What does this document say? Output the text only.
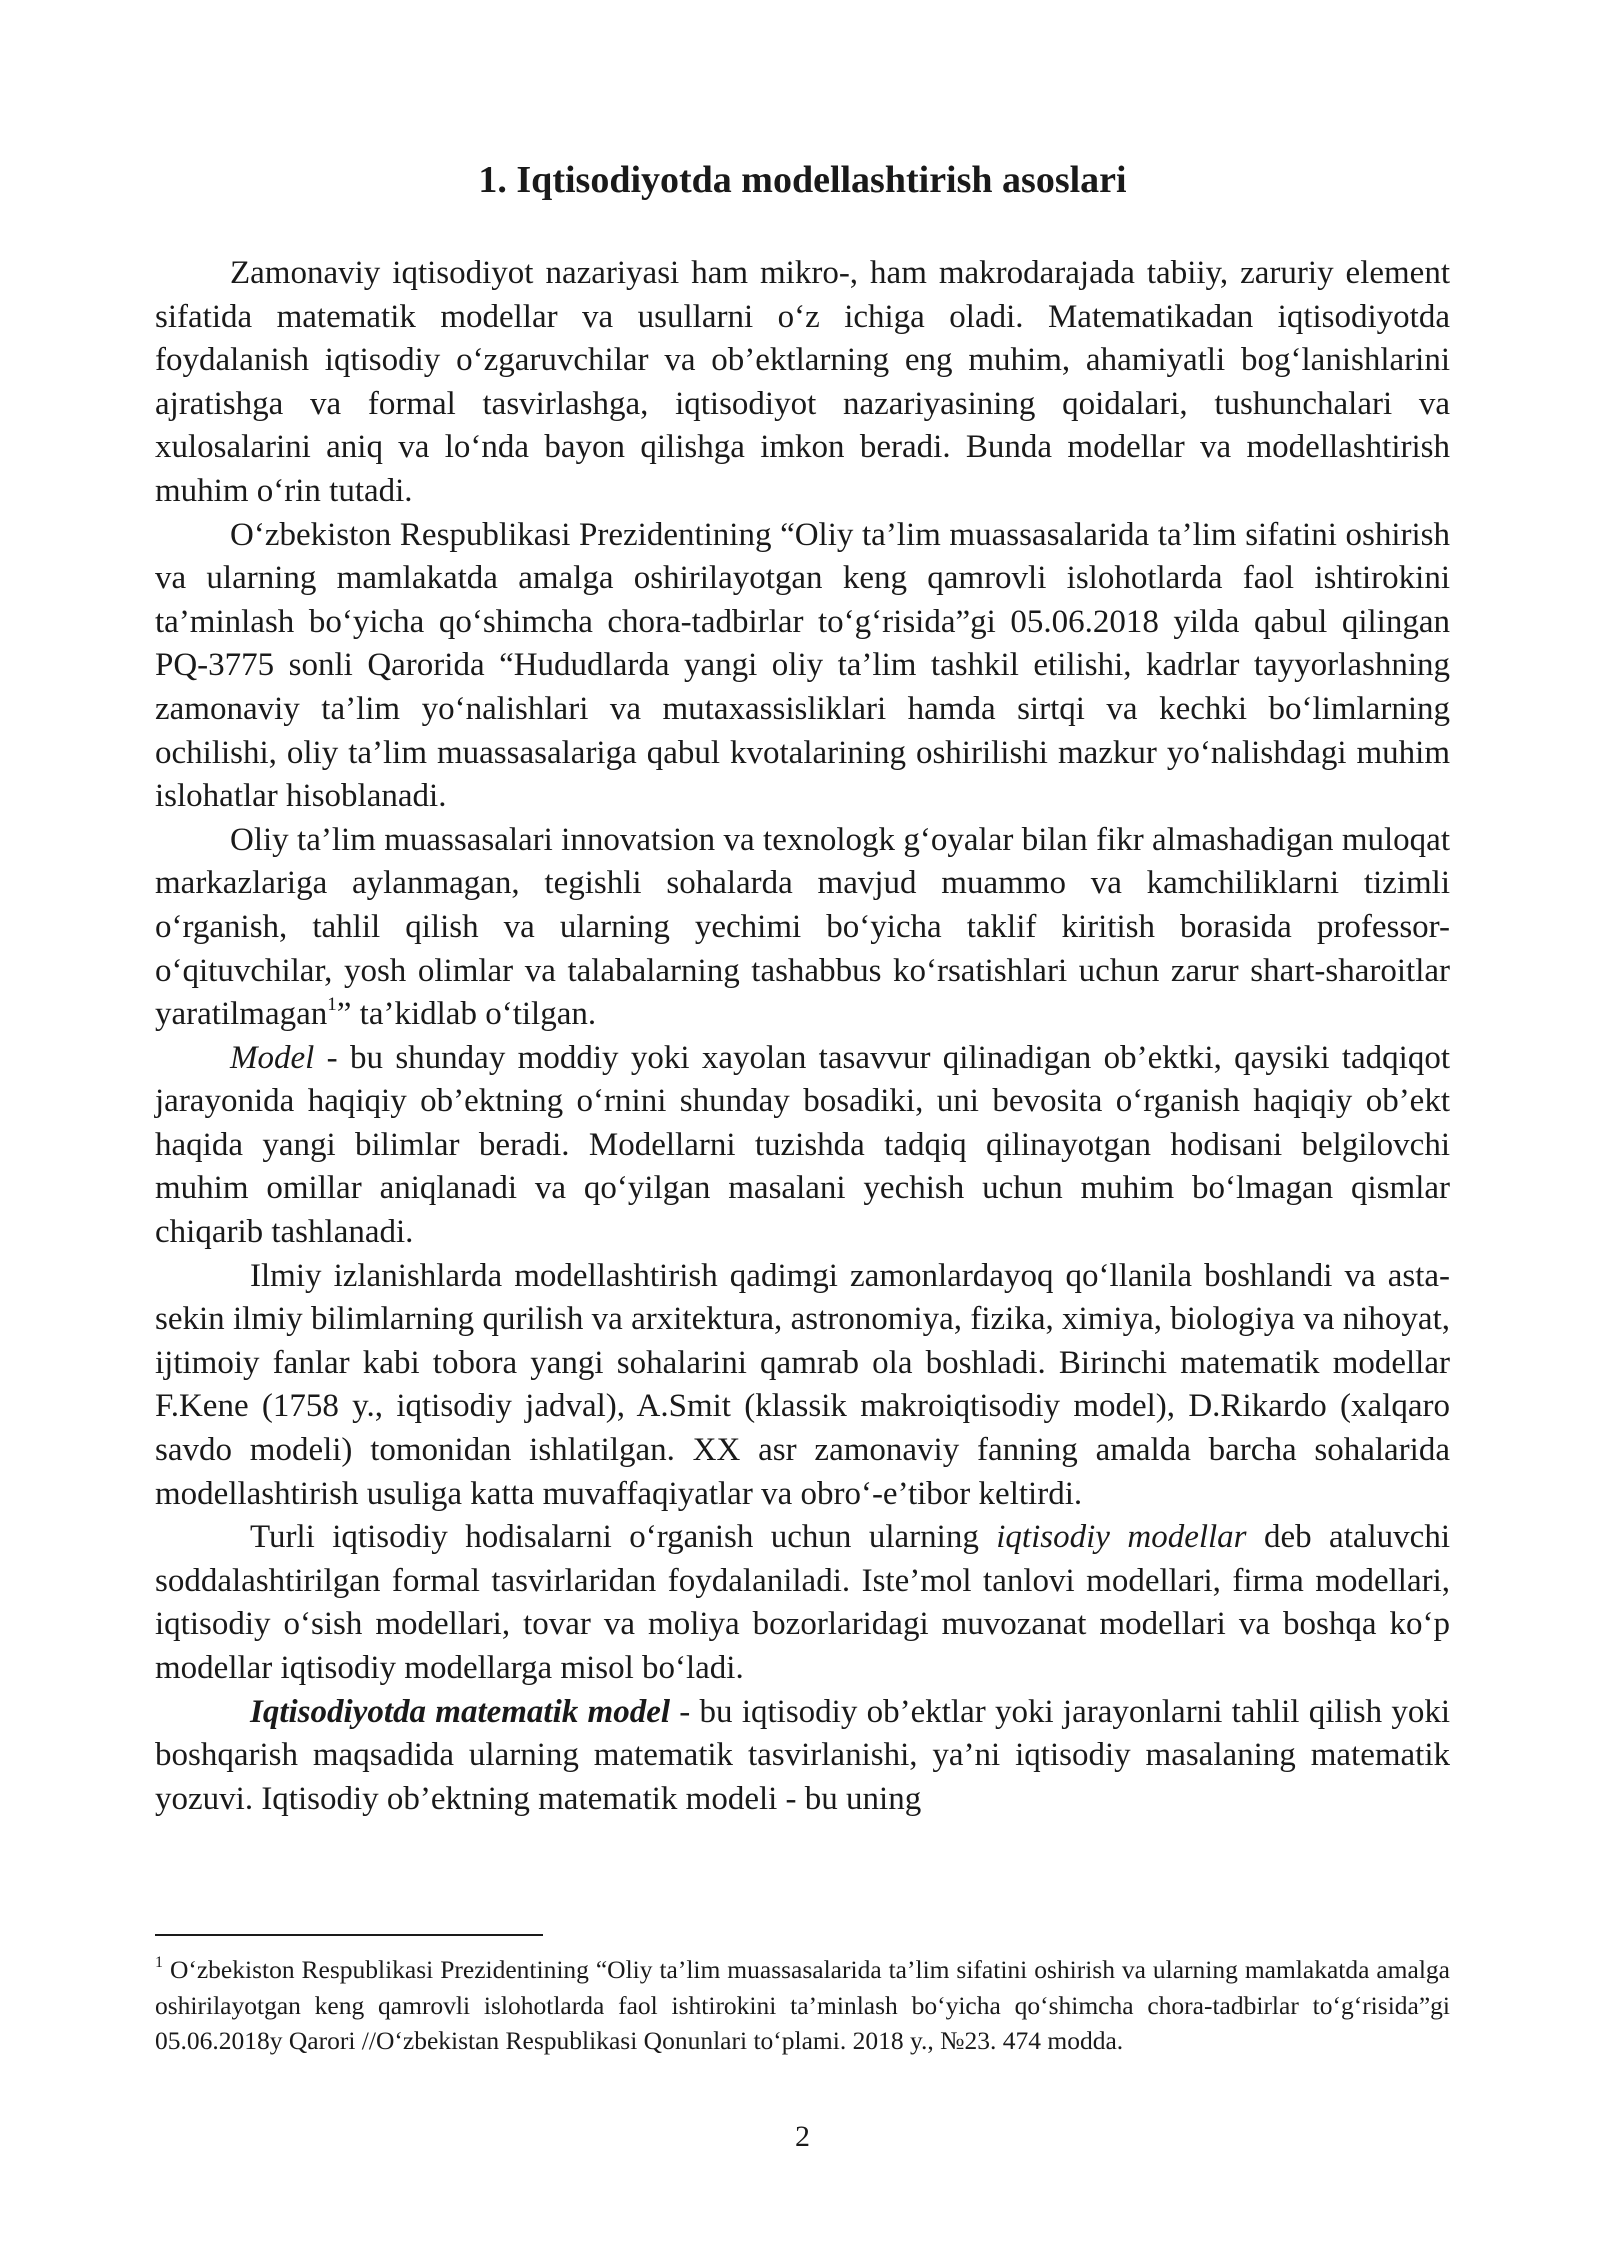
1. Iqtisodiyotda modellashtirish asoslari

Zamonaviy iqtisodiyot nazariyasi ham mikro-, ham makrodarajada tabiiy, zaruriy element sifatida matematik modellar va usullarni o‘z ichiga oladi. Matematikadan iqtisodiyotda foydalanish iqtisodiy o‘zgaruvchilar va ob’ektlarning eng muhim, ahamiyatli bog‘lanishlarini ajratishga va formal tasvirlashga, iqtisodiyot nazariyasining qoidalari, tushunchalari va xulosalarini aniq va lo‘nda bayon qilishga imkon beradi. Bunda modellar va modellashtirish muhim o‘rin tutadi.

O‘zbekiston Respublikasi Prezidentining “Oliy ta’lim muassasalarida ta’lim sifatini oshirish va ularning mamlakatda amalga oshirilayotgan keng qamrovli islohotlarda faol ishtirokini ta’minlash bo‘yicha qo‘shimcha chora-tadbirlar to‘g‘risida”gi 05.06.2018 yilda qabul qilingan PQ-3775 sonli Qarorida “Hududlarda yangi oliy ta’lim tashkil etilishi, kadrlar tayyorlashning zamonaviy ta’lim yo‘nalishlari va mutaxassisliklari hamda sirtqi va kechki bo‘limlarning ochilishi, oliy ta’lim muassasalariga qabul kvotalarining oshirilishi mazkur yo‘nalishdagi muhim islohatlar hisoblanadi.

Oliy ta’lim muassasalari innovatsion va texnologk g‘oyalar bilan fikr almashadigan muloqat markazlariga aylanmagan, tegishli sohalarda mavjud muammo va kamchiliklarni tizimli o‘rganish, tahlil qilish va ularning yechimi bo‘yicha taklif kiritish borasida professor-o‘qituvchilar, yosh olimlar va talabalarning tashabbus ko‘rsatishlari uchun zarur shart-sharoitlar yaratilmagan$^1$” ta’kidlab o‘tilgan.

Model - bu shunday moddiy yoki xayolan tasavvur qilinadigan ob’ektki, qaysiki tadqiqot jarayonida haqiqiy ob’ektning o‘rnini shunday bosadiki, uni bevosita o‘rganish haqiqiy ob’ekt haqida yangi bilimlar beradi. Modellarni tuzishda tadqiq qilinayotgan hodisani belgilovchi muhim omillar aniqlanadi va qo‘yilgan masalani yechish uchun muhim bo‘lmagan qismlar chiqarib tashlanadi.

Ilmiy izlanishlarda modellashtirish qadimgi zamonlardayoq qo‘llanila boshlandi va asta-sekin ilmiy bilimlarning qurilish va arxitektura, astronomiya, fizika, ximiya, biologiya va nihoyat, ijtimoiy fanlar kabi tobora yangi sohalarini qamrab ola boshladi. Birinchi matematik modellar F.Kene (1758 y., iqtisodiy jadval), A.Smit (klassik makroiqtisodiy model), D.Rikardo (xalqaro savdo modeli) tomonidan ishlatilgan. XX asr zamonaviy fanning amalda barcha sohalarida modellashtirish usuliga katta muvaffaqiyatlar va obro‘-e’tibor keltirdi.

Turli iqtisodiy hodisalarni o‘rganish uchun ularning iqtisodiy modellar deb ataluvchi soddalashtirilgan formal tasvirlaridan foydalaniladi. Iste’mol tanlovi modellari, firma modellari, iqtisodiy o‘sish modellari, tovar va moliya bozorlaridagi muvozanat modellari va boshqa ko‘p modellar iqtisodiy modellarga misol bo‘ladi.

Iqtisodiyotda matematik model - bu iqtisodiy ob’ektlar yoki jarayonlarni tahlil qilish yoki boshqarish maqsadida ularning matematik tasvirlanishi, ya’ni iqtisodiy masalaning matematik yozuvi. Iqtisodiy ob’ektning matematik modeli - bu uning

$^1$ O‘zbekiston Respublikasi Prezidentining “Oliy ta’lim muassasalarida ta’lim sifatini oshirish va ularning mamlakatda amalga oshirilayotgan keng qamrovli islohotlarda faol ishtirokini ta’minlash bo‘yicha qo‘shimcha chora-tadbirlar to‘g‘risida”gi 05.06.2018y Qarori //O‘zbekistan Respublikasi Qonunlari to‘plami. 2018 y., №23. 474 modda.

2
